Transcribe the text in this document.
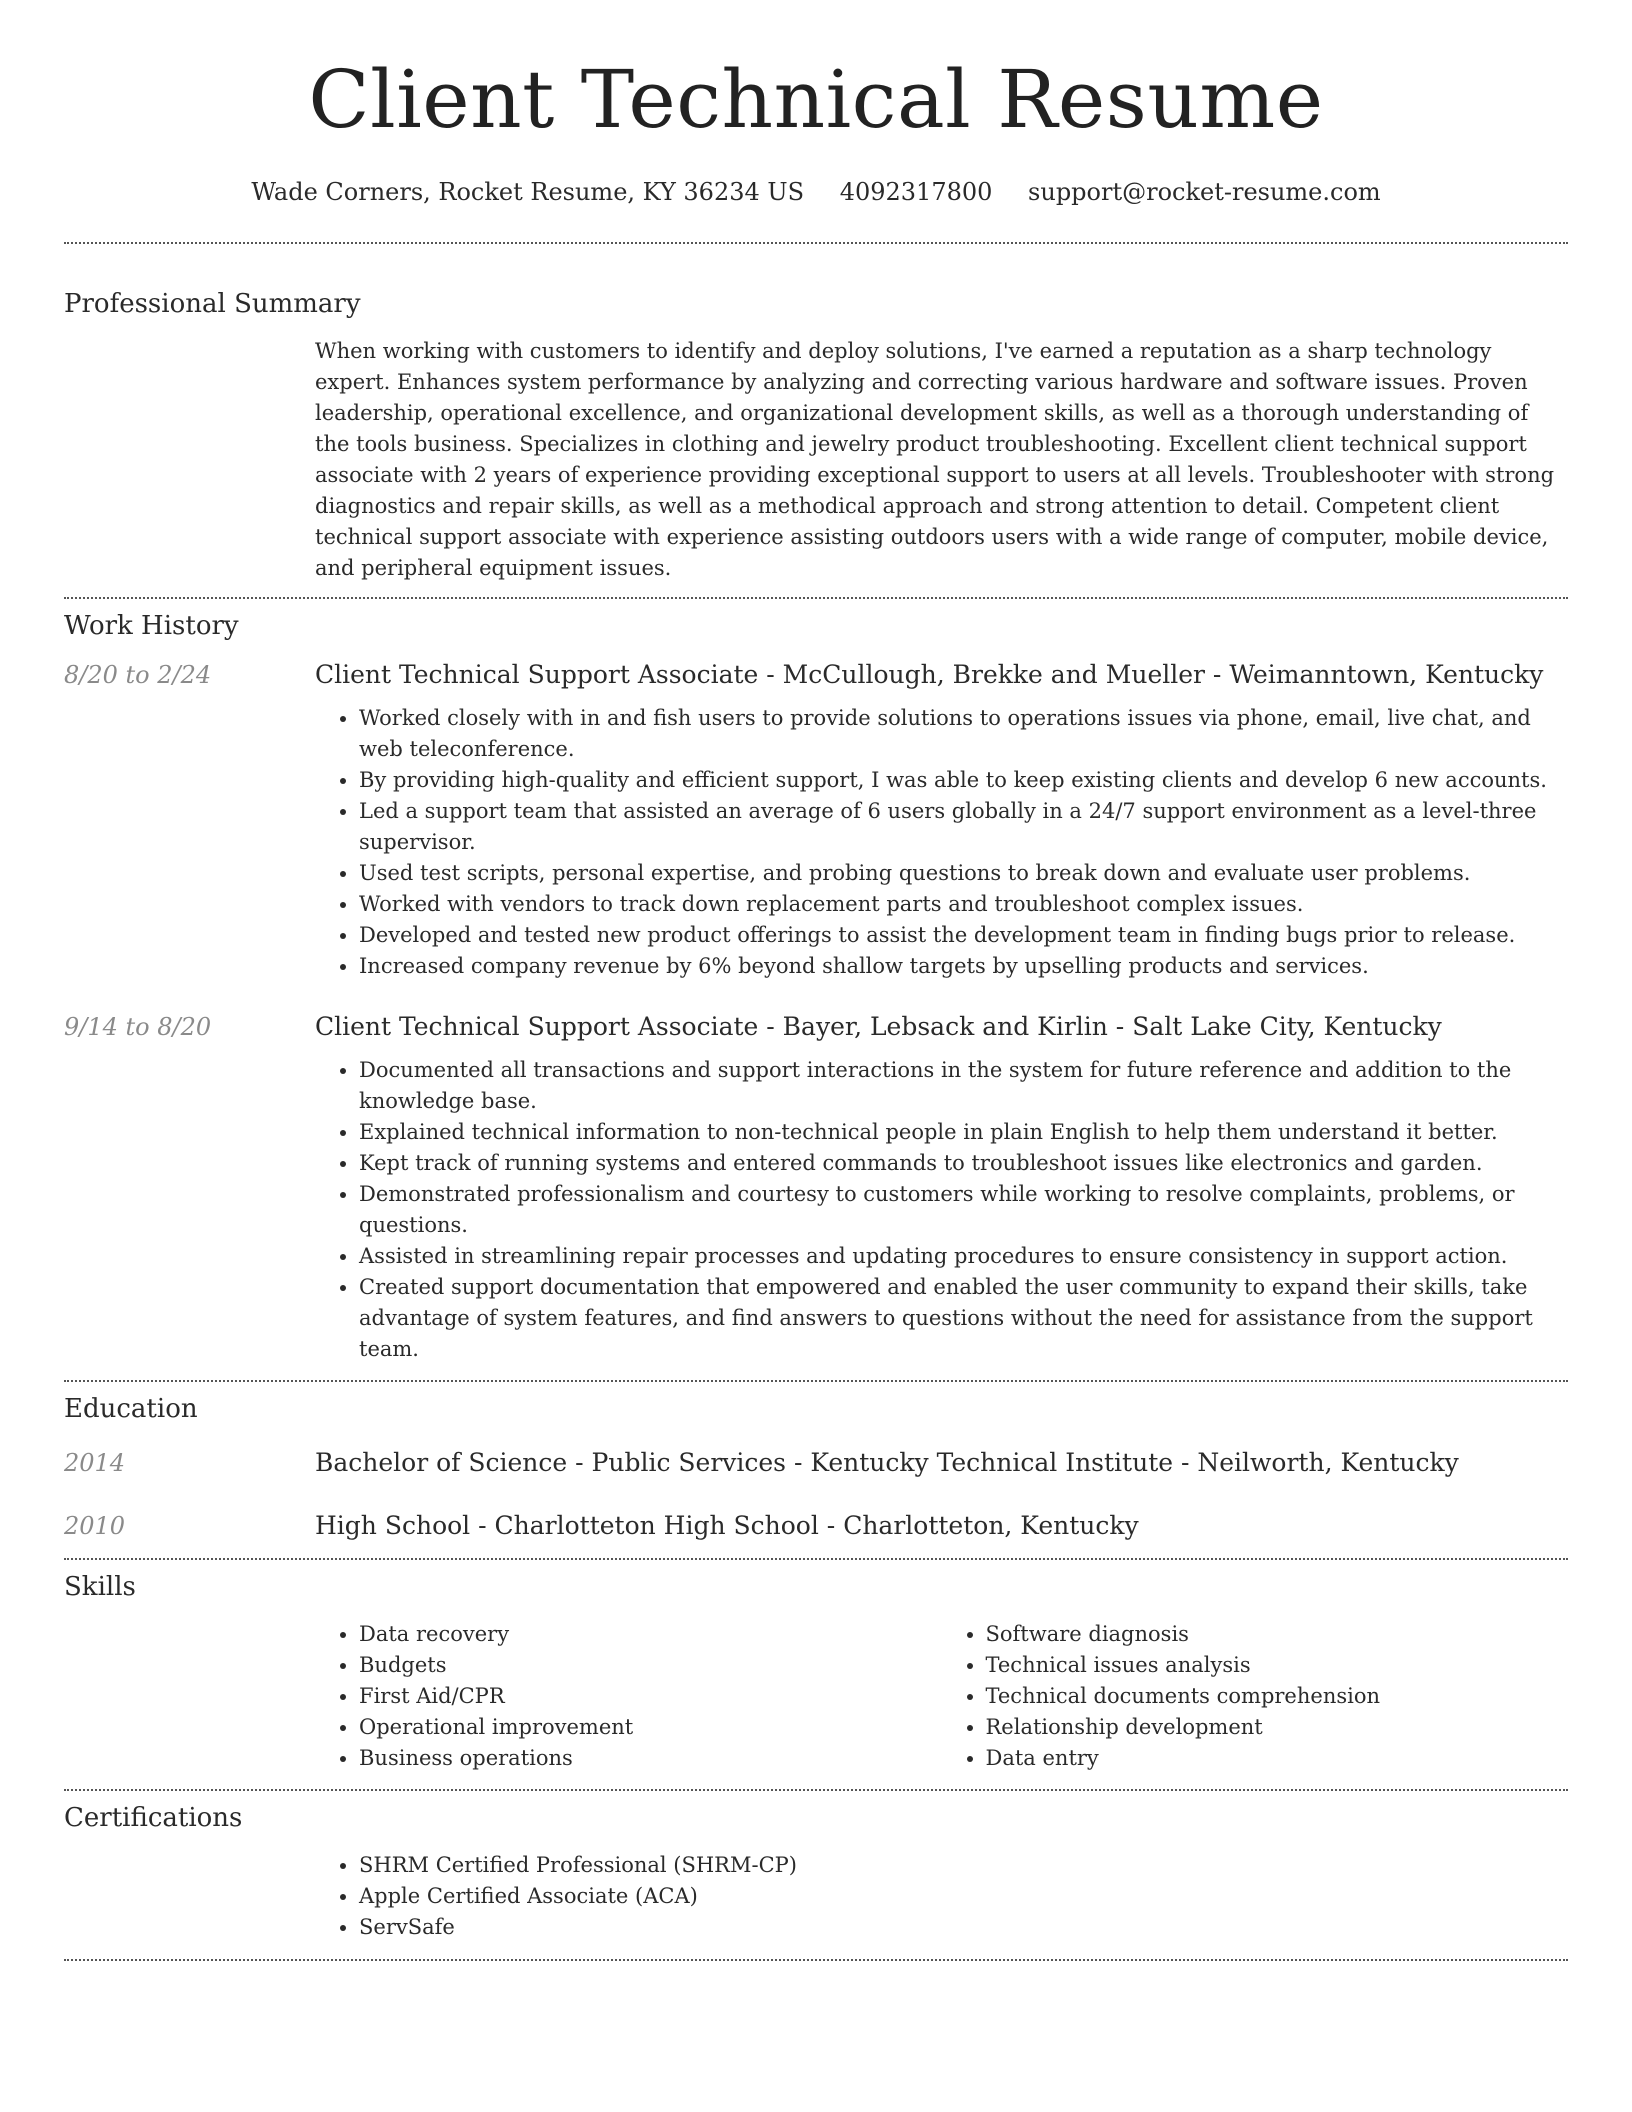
Client Technical Resume
Wade Corners, Rocket Resume, KY 36234 US 4092317800 support@rocket-resume.com
Professional Summary

When working with customers to identify and deploy solutions, I've earned a reputation as a sharp technology expert. Enhances system performance by analyzing and correcting various hardware and software issues. Proven leadership, operational excellence, and organizational development skills, as well as a thorough understanding of the tools business. Specializes in clothing and jewelry product troubleshooting. Excellent client technical support associate with 2 years of experience providing exceptional support to users at all levels. Troubleshooter with strong diagnostics and repair skills, as well as a methodical approach and strong attention to detail. Competent client technical support associate with experience assisting outdoors users with a wide range of computer, mobile device, and peripheral equipment issues.

Work History
8/20 to 2/24	Client Technical Support Associate - McCullough, Brekke and Mueller - Weimanntown, Kentucky
• Worked closely with in and fish users to provide solutions to operations issues via phone, email, live chat, and web teleconference.
• By providing high-quality and efficient support, I was able to keep existing clients and develop 6 new accounts.
• Led a support team that assisted an average of 6 users globally in a 24/7 support environment as a level-three supervisor.
• Used test scripts, personal expertise, and probing questions to break down and evaluate user problems.
• Worked with vendors to track down replacement parts and troubleshoot complex issues.
• Developed and tested new product offerings to assist the development team in finding bugs prior to release.
• Increased company revenue by 6% beyond shallow targets by upselling products and services.
9/14 to 8/20	Client Technical Support Associate - Bayer, Lebsack and Kirlin - Salt Lake City, Kentucky
• Documented all transactions and support interactions in the system for future reference and addition to the knowledge base.
• Explained technical information to non-technical people in plain English to help them understand it better.
• Kept track of running systems and entered commands to troubleshoot issues like electronics and garden.
• Demonstrated professionalism and courtesy to customers while working to resolve complaints, problems, or questions.
• Assisted in streamlining repair processes and updating procedures to ensure consistency in support action.
• Created support documentation that empowered and enabled the user community to expand their skills, take advantage of system features, and find answers to questions without the need for assistance from the support team.
Education
2014	Bachelor of Science - Public Services - Kentucky Technical Institute - Neilworth, Kentucky
2010	High School - Charlotteton High School - Charlotteton, Kentucky
Skills
• Data recovery
• Budgets
• First Aid/CPR
• Operational improvement
• Business operations
• Software diagnosis
• Technical issues analysis
• Technical documents comprehension
• Relationship development
• Data entry
Certifications
• SHRM Certified Professional (SHRM-CP)
• Apple Certified Associate (ACA)
• ServSafe
